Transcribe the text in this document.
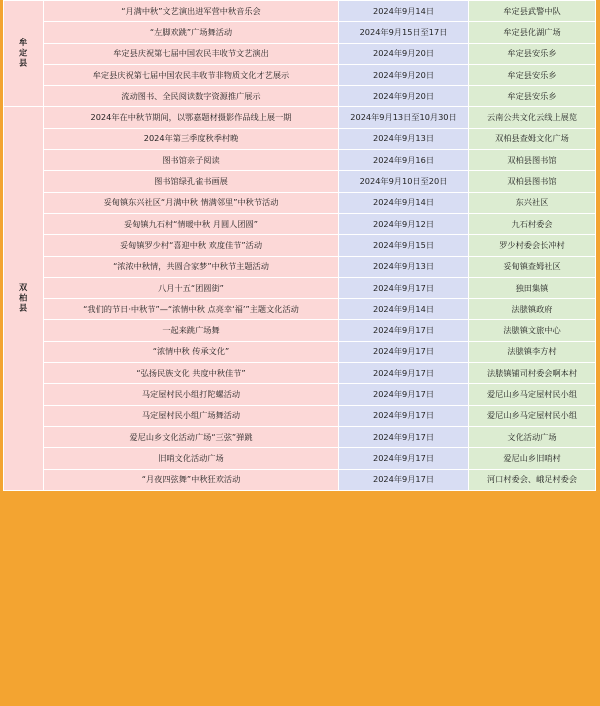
牟定县	“月满中秋”文艺演出进军营中秋音乐会	2024年9月14日	牟定县武警中队
	“左脚欢跳”广场舞活动	2024年9月15日至17日	牟定县化湖广场
	牟定县庆祝第七届中国农民丰收节文艺演出	2024年9月20日	牟定县安乐乡
	牟定县庆祝第七届中国农民丰收节非物质文化才艺展示	2024年9月20日	牟定县安乐乡
	流动图书、全民阅读数字资源推广展示	2024年9月20日	牟定县安乐乡
双柏县	2024年在中秋节期间，以鄂嘉题材摄影作品线上展一期	2024年9月13日至10月30日	云南公共文化云线上展览
	2024年第三季度秋季村晚	2024年9月13日	双柏县查姆文化广场
	图书馆亲子阅读	2024年9月16日	双柏县图书馆
	图书馆绿孔雀书画展	2024年9月10日至20日	双柏县图书馆
	妥甸镇东兴社区“月满中秋 情满邻里”中秋节活动	2024年9月14日	东兴社区
	妥甸镇九石村“情暖中秋 月圆人团圆”	2024年9月12日	九石村委会
	妥甸镇罗少村“喜迎中秋 欢度佳节”活动	2024年9月15日	罗少村委会长冲村
	“浓浓中秋情，共圆合家梦”中秋节主题活动	2024年9月13日	妥甸镇查姆社区
	八月十五“团圆街”	2024年9月17日	独田集镇
	“我们的节日·中秋节”—“浓情中秋 点亮幸‘福’”主题文化活动	2024年9月14日	法脿镇政府
	一起来跳广场舞	2024年9月17日	法脿镇文旅中心
	“浓情中秋 传承文化”	2024年9月17日	法脿镇李方村
	“弘扬民族文化 共度中秋佳节”	2024年9月17日	法脿镇铺司村委会啊本村
	马定屋村民小组打陀螺活动	2024年9月17日	爱尼山乡马定屋村民小组
	马定屋村民小组广场舞活动	2024年9月17日	爱尼山乡马定屋村民小组
	爱尼山乡文化活动广场“三弦”弹跳	2024年9月17日	文化活动广场
	旧哨文化活动广场	2024年9月17日	爱尼山乡旧哨村
	“月夜四弦舞”中秋狂欢活动	2024年9月17日	河口村委会、峨足村委会
